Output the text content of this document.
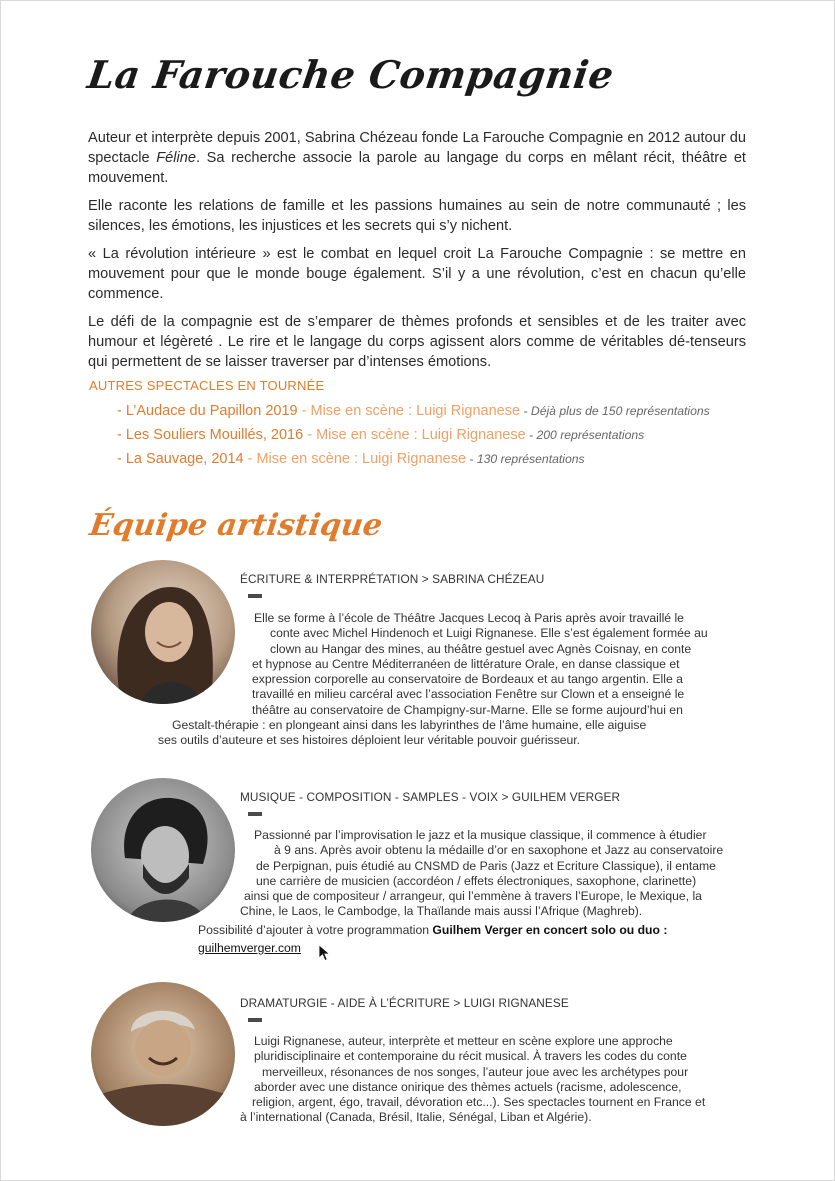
La Farouche Compagnie

Auteur et interprète depuis 2001, Sabrina Chézeau fonde La Farouche Compagnie en 2012 autour du spectacle Féline. Sa recherche associe la parole au langage du corps en mêlant récit, théâtre et mouvement.

Elle raconte les relations de famille et les passions humaines au sein de notre communauté ; les silences, les émotions, les injustices et les secrets qui s’y nichent.

« La révolution intérieure » est le combat en lequel croit La Farouche Compagnie : se mettre en mouvement pour que le monde bouge également. S’il y a une révolution, c’est en chacun qu’elle commence.

Le défi de la compagnie est de s’emparer de thèmes profonds et sensibles et de les traiter avec humour et légèreté . Le rire et le langage du corps agissent alors comme de véritables dé-tenseurs qui permettent de se laisser traverser par d’intenses émotions.

AUTRES SPECTACLES EN TOURNÉE
- L’Audace du Papillon 2019 - Mise en scène : Luigi Rignanese - Déjà plus de 150 représentations
- Les Souliers Mouillés, 2016 - Mise en scène : Luigi Rignanese - 200 représentations
- La Sauvage, 2014 - Mise en scène : Luigi Rignanese - 130 représentations
Équipe artistique
ÉCRITURE & INTERPRÉTATION > SABRINA CHÉZEAU
Elle se forme à l’école de Théâtre Jacques Lecoq à Paris après avoir travaillé le
conte avec Michel Hindenoch et Luigi Rignanese. Elle s’est également formée au
clown au Hangar des mines, au théâtre gestuel avec Agnès Coisnay, en conte
et hypnose au Centre Méditerranéen de littérature Orale, en danse classique et
expression corporelle au conservatoire de Bordeaux et au tango argentin. Elle a
travaillé en milieu carcéral avec l’association Fenêtre sur Clown et a enseigné le
théâtre au conservatoire de Champigny-sur-Marne. Elle se forme aujourd’hui en
Gestalt-thérapie : en plongeant ainsi dans les labyrinthes de l’âme humaine, elle aiguise
ses outils d’auteure et ses histoires déploient leur véritable pouvoir guérisseur.
MUSIQUE - COMPOSITION - SAMPLES - VOIX > GUILHEM VERGER
Passionné par l’improvisation le jazz et la musique classique, il commence à étudier
à 9 ans. Après avoir obtenu la médaille d’or en saxophone et Jazz au conservatoire
de Perpignan, puis étudié au CNSMD de Paris (Jazz et Ecriture Classique), il entame
une carrière de musicien (accordéon / effets électroniques, saxophone, clarinette)
ainsi que de compositeur / arrangeur, qui l’emmène à travers l’Europe, le Mexique, la
Chine, le Laos, le Cambodge, la Thaïlande mais aussi l’Afrique (Maghreb).
Possibilité d’ajouter à votre programmation Guilhem Verger en concert solo ou duo :
guilhemverger.com
DRAMATURGIE - AIDE À L’ÉCRITURE > LUIGI RIGNANESE
Luigi Rignanese, auteur, interprète et metteur en scène explore une approche
pluridisciplinaire et contemporaine du récit musical. À travers les codes du conte
merveilleux, résonances de nos songes, l’auteur joue avec les archétypes pour
aborder avec une distance onirique des thèmes actuels (racisme, adolescence,
religion, argent, égo, travail, dévoration etc...). Ses spectacles tournent en France et
à l’international (Canada, Brésil, Italie, Sénégal, Liban et Algérie).
